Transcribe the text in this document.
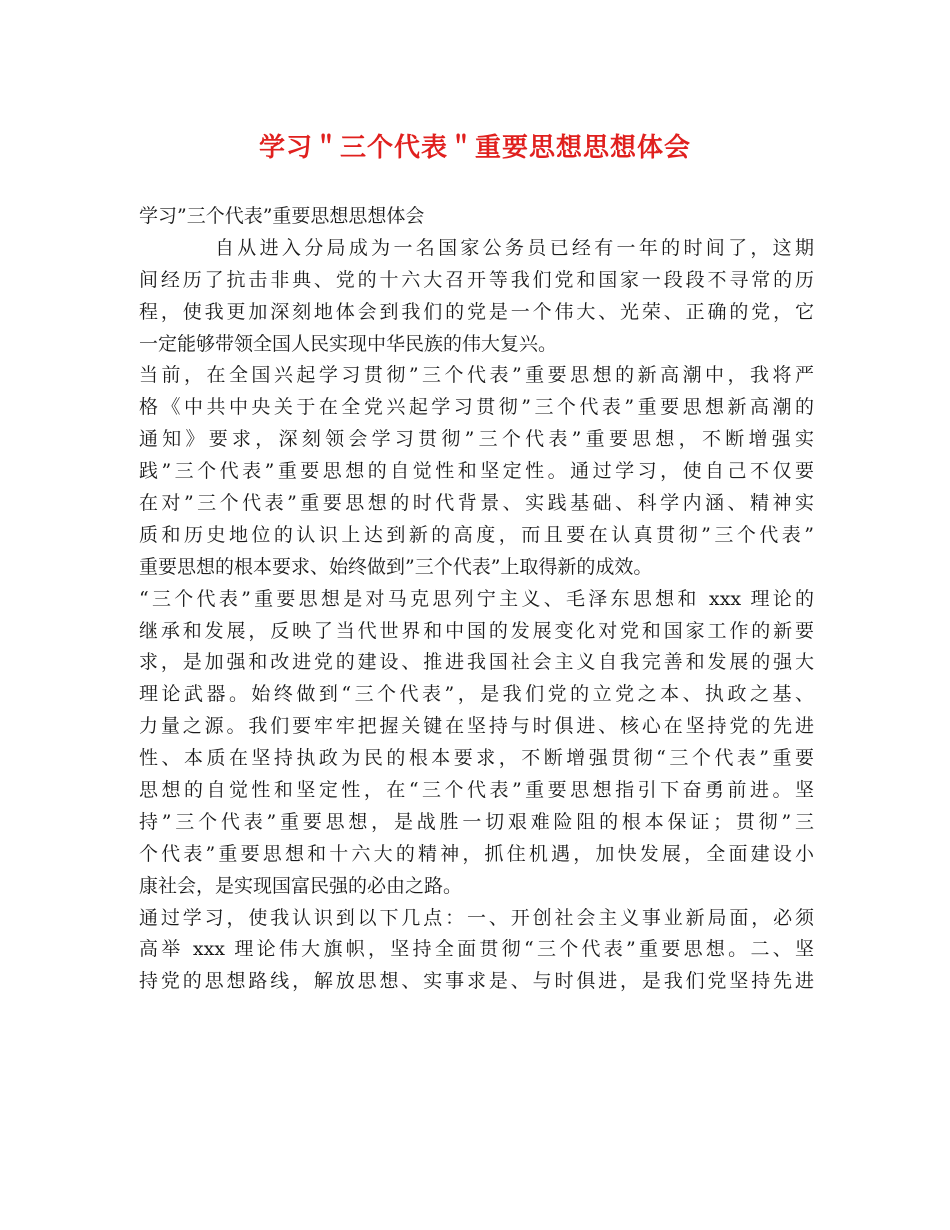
学习＂三个代表＂重要思想思想体会
学习”三个代表”重要思想思想体会
自从进入分局成为一名国家公务员已经有一年的时间了，这期
间经历了抗击非典、党的十六大召开等我们党和国家一段段不寻常的历
程，使我更加深刻地体会到我们的党是一个伟大、光荣、正确的党，它
一定能够带领全国人民实现中华民族的伟大复兴。
当前，在全国兴起学习贯彻”三个代表”重要思想的新高潮中，我将严
格《中共中央关于在全党兴起学习贯彻”三个代表”重要思想新高潮的
通知》要求，深刻领会学习贯彻”三个代表”重要思想，不断增强实
践”三个代表”重要思想的自觉性和坚定性。通过学习，使自己不仅要
在对”三个代表”重要思想的时代背景、实践基础、科学内涵、精神实
质和历史地位的认识上达到新的高度，而且要在认真贯彻”三个代表”
重要思想的根本要求、始终做到”三个代表”上取得新的成效。
“三个代表”重要思想是对马克思列宁主义、毛泽东思想和 xxx 理论的
继承和发展，反映了当代世界和中国的发展变化对党和国家工作的新要
求，是加强和改进党的建设、推进我国社会主义自我完善和发展的强大
理论武器。始终做到“三个代表”，是我们党的立党之本、执政之基、
力量之源。我们要牢牢把握关键在坚持与时俱进、核心在坚持党的先进
性、本质在坚持执政为民的根本要求，不断增强贯彻“三个代表”重要
思想的自觉性和坚定性，在“三个代表”重要思想指引下奋勇前进。坚
持”三个代表”重要思想，是战胜一切艰难险阻的根本保证；贯彻”三
个代表”重要思想和十六大的精神，抓住机遇，加快发展，全面建设小
康社会，是实现国富民强的必由之路。
通过学习，使我认识到以下几点：一、开创社会主义事业新局面，必须
高举 xxx 理论伟大旗帜，坚持全面贯彻“三个代表”重要思想。二、坚
持党的思想路线，解放思想、实事求是、与时俱进，是我们党坚持先进
